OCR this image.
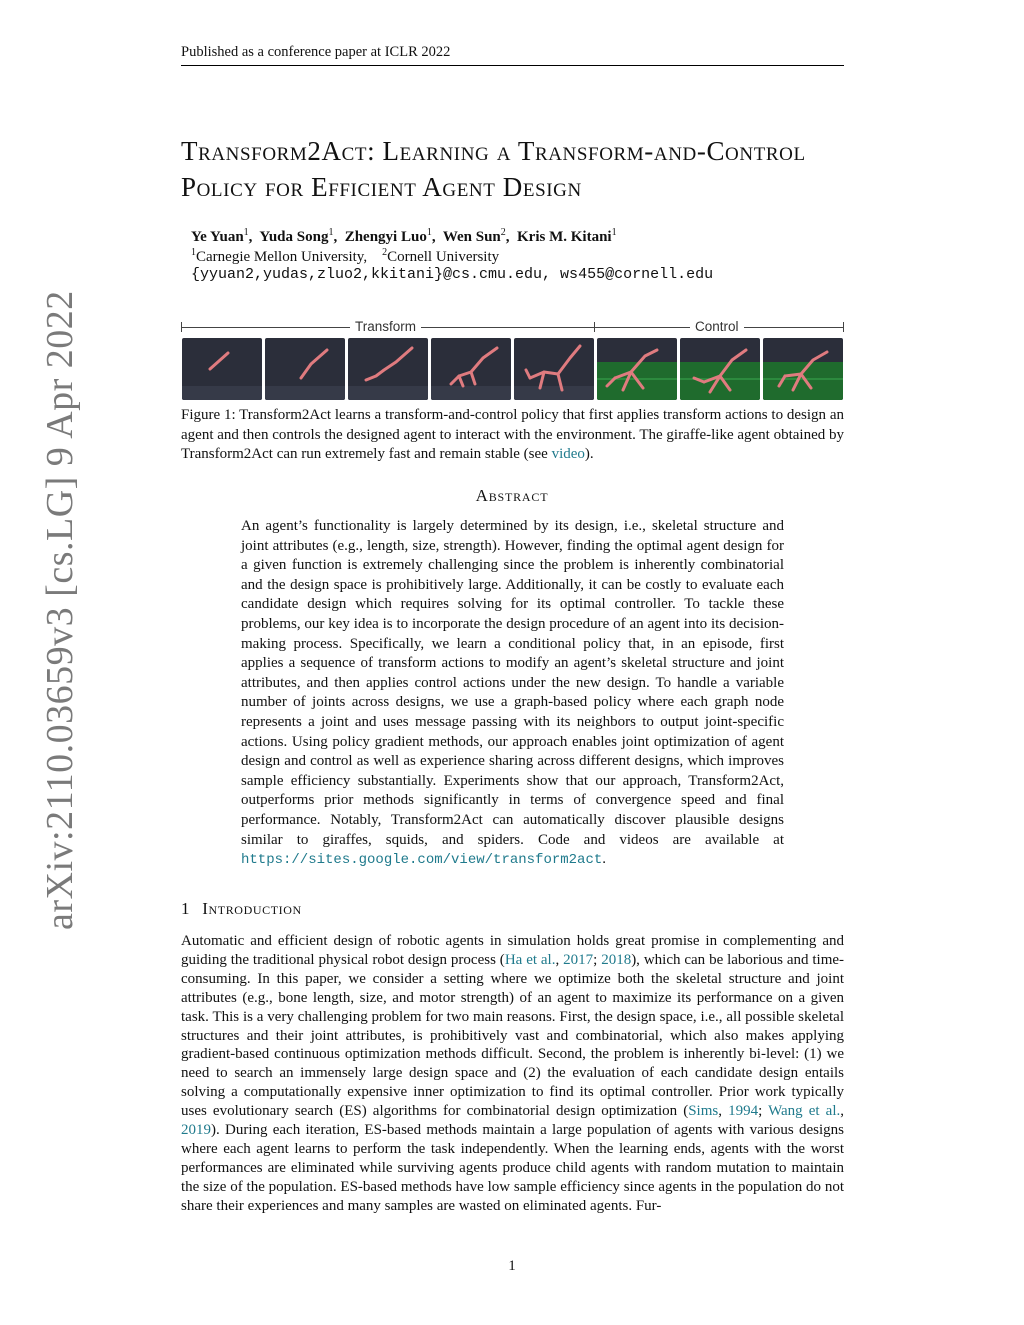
Published as a conference paper at ICLR 2022
Transform2Act: Learning a Transform-and-Control Policy for Efficient Agent Design
Ye Yuan$^1$,  Yuda Song$^1$,  Zhengyi Luo$^1$,  Wen Sun$^2$,  Kris M. Kitani$^1$
$^1$Carnegie Mellon University, $^2$Cornell University
{yyuan2,yudas,zluo2,kkitani}@cs.cmu.edu, ws455@cornell.edu
Transform	Control
Figure 1: Transform2Act learns a transform-and-control policy that first applies transform actions to design an agent and then controls the designed agent to interact with the environment. The giraffe-like agent obtained by Transform2Act can run extremely fast and remain stable (see video).
Abstract
An agent’s functionality is largely determined by its design, i.e., skeletal structure and joint attributes (e.g., length, size, strength). However, finding the optimal agent design for a given function is extremely challenging since the problem is inherently combinatorial and the design space is prohibitively large. Additionally, it can be costly to evaluate each candidate design which requires solving for its optimal controller. To tackle these problems, our key idea is to incorporate the design procedure of an agent into its decision-making process. Specifically, we learn a conditional policy that, in an episode, first applies a sequence of transform actions to modify an agent’s skeletal structure and joint attributes, and then applies control actions under the new design. To handle a variable number of joints across designs, we use a graph-based policy where each graph node represents a joint and uses message passing with its neighbors to output joint-specific actions. Using policy gradient methods, our approach enables joint optimization of agent design and control as well as experience sharing across different designs, which improves sample efficiency substantially. Experiments show that our approach, Transform2Act, outperforms prior methods significantly in terms of convergence speed and final performance. Notably, Transform2Act can automatically discover plausible designs similar to giraffes, squids, and spiders. Code and videos are available at https://sites.google.com/view/transform2act.
1 Introduction
Automatic and efficient design of robotic agents in simulation holds great promise in complementing and guiding the traditional physical robot design process (Ha et al., 2017; 2018), which can be laborious and time-consuming. In this paper, we consider a setting where we optimize both the skeletal structure and joint attributes (e.g., bone length, size, and motor strength) of an agent to maximize its performance on a given task. This is a very challenging problem for two main reasons. First, the design space, i.e., all possible skeletal structures and their joint attributes, is prohibitively vast and combinatorial, which also makes applying gradient-based continuous optimization methods difficult. Second, the problem is inherently bi-level: (1) we need to search an immensely large design space and (2) the evaluation of each candidate design entails solving a computationally expensive inner optimization to find its optimal controller. Prior work typically uses evolutionary search (ES) algorithms for combinatorial design optimization (Sims, 1994; Wang et al., 2019). During each iteration, ES-based methods maintain a large population of agents with various designs where each agent learns to perform the task independently. When the learning ends, agents with the worst performances are eliminated while surviving agents produce child agents with random mutation to maintain the size of the population. ES-based methods have low sample efficiency since agents in the population do not share their experiences and many samples are wasted on eliminated agents. Fur-
1
arXiv:2110.03659v3 [cs.LG] 9 Apr 2022
